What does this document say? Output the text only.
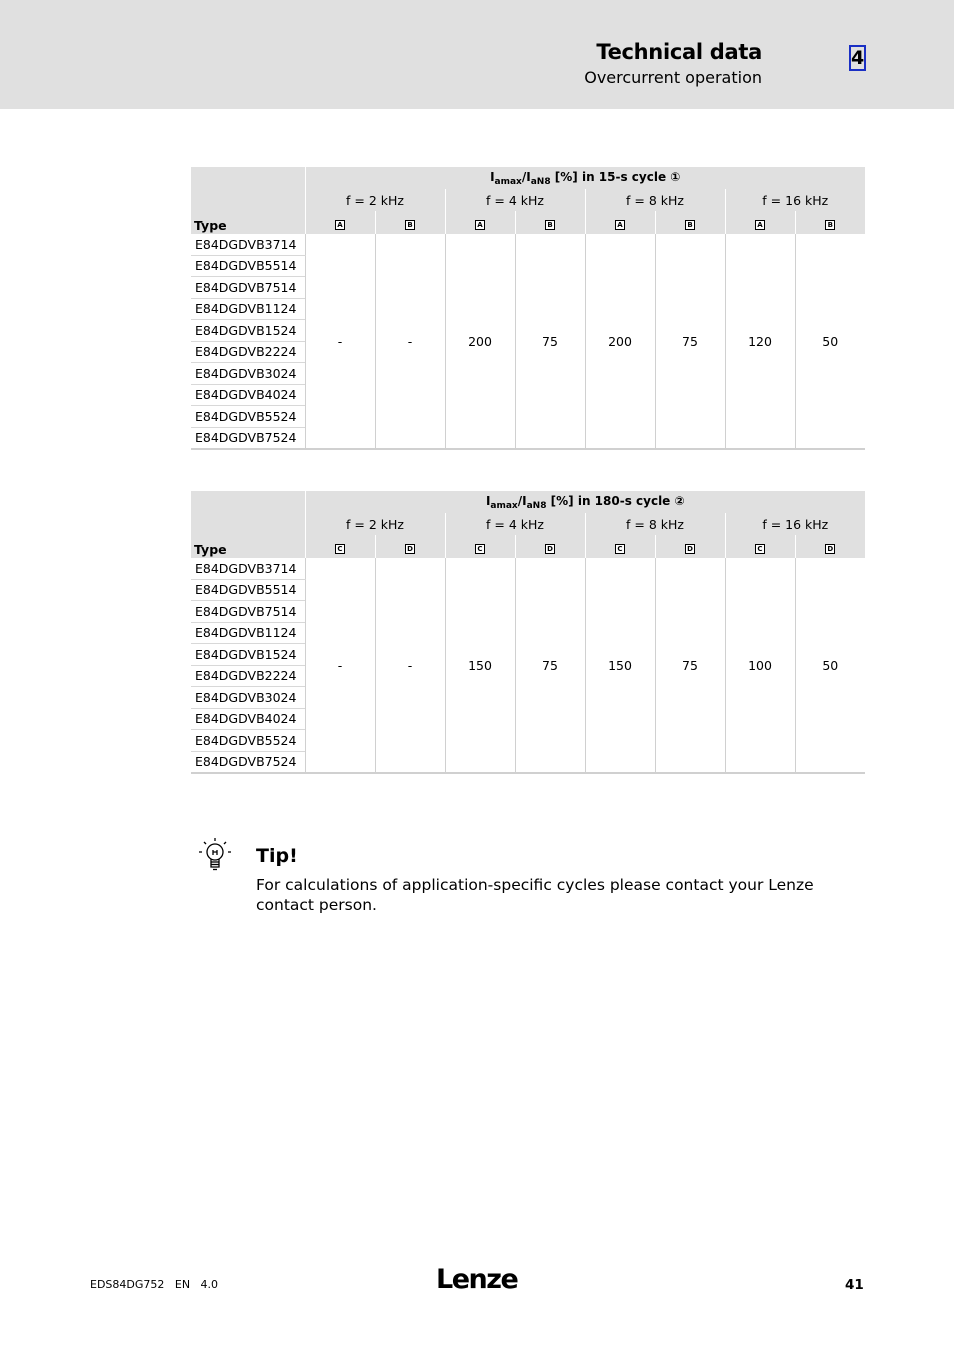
Technical data
Overcurrent operation
4
Type	$I_{amax}/I_{aN8}$ [%] in 15-s cycle ①							
	f = 2 kHz		f = 4 kHz		f = 8 kHz		f = 16 kHz	
	A	B	A	B	A	B	A	B
E84DGDVB3714	-	-	200	75	200	75	120	50
E84DGDVB5514								
E84DGDVB7514								
E84DGDVB1124								
E84DGDVB1524								
E84DGDVB2224								
E84DGDVB3024								
E84DGDVB4024								
E84DGDVB5524								
E84DGDVB7524								
Type	$I_{amax}/I_{aN8}$ [%] in 180-s cycle ②							
	f = 2 kHz		f = 4 kHz		f = 8 kHz		f = 16 kHz	
	C	D	C	D	C	D	C	D
E84DGDVB3714	-	-	150	75	150	75	100	50
E84DGDVB5514								
E84DGDVB7514								
E84DGDVB1124								
E84DGDVB1524								
E84DGDVB2224								
E84DGDVB3024								
E84DGDVB4024								
E84DGDVB5524								
E84DGDVB7524								
Tip!
For calculations of application-specific cycles please contact your Lenze contact person.
EDS84DG752   EN   4.0	Lenze	41
